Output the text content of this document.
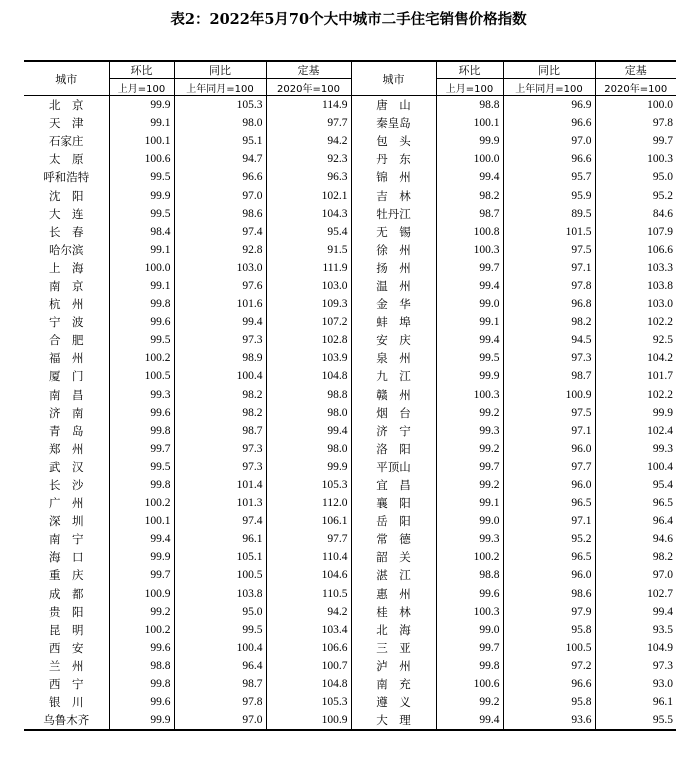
表2：2022年5月70个大中城市二手住宅销售价格指数
城市	环比	同比	定基	城市	环比	同比	定基
	上月=100	上年同月=100	2020年=100		上月=100	上年同月=100	2020年=100
北　京	99.9	105.3	114.9	唐　山	98.8	96.9	100.0
天　津	99.1	98.0	97.7	秦皇岛	100.1	96.6	97.8
石家庄	100.1	95.1	94.2	包　头	99.9	97.0	99.7
太　原	100.6	94.7	92.3	丹　东	100.0	96.6	100.3
呼和浩特	99.5	96.6	96.3	锦　州	99.4	95.7	95.0
沈　阳	99.9	97.0	102.1	吉　林	98.2	95.9	95.2
大　连	99.5	98.6	104.3	牡丹江	98.7	89.5	84.6
长　春	98.4	97.4	95.4	无　锡	100.8	101.5	107.9
哈尔滨	99.1	92.8	91.5	徐　州	100.3	97.5	106.6
上　海	100.0	103.0	111.9	扬　州	99.7	97.1	103.3
南　京	99.1	97.6	103.0	温　州	99.4	97.8	103.8
杭　州	99.8	101.6	109.3	金　华	99.0	96.8	103.0
宁　波	99.6	99.4	107.2	蚌　埠	99.1	98.2	102.2
合　肥	99.5	97.3	102.8	安　庆	99.4	94.5	92.5
福　州	100.2	98.9	103.9	泉　州	99.5	97.3	104.2
厦　门	100.5	100.4	104.8	九　江	99.9	98.7	101.7
南　昌	99.3	98.2	98.8	赣　州	100.3	100.9	102.2
济　南	99.6	98.2	98.0	烟　台	99.2	97.5	99.9
青　岛	99.8	98.7	99.4	济　宁	99.3	97.1	102.4
郑　州	99.7	97.3	98.0	洛　阳	99.2	96.0	99.3
武　汉	99.5	97.3	99.9	平顶山	99.7	97.7	100.4
长　沙	99.8	101.4	105.3	宜　昌	99.2	96.0	95.4
广　州	100.2	101.3	112.0	襄　阳	99.1	96.5	96.5
深　圳	100.1	97.4	106.1	岳　阳	99.0	97.1	96.4
南　宁	99.4	96.1	97.7	常　德	99.3	95.2	94.6
海　口	99.9	105.1	110.4	韶　关	100.2	96.5	98.2
重　庆	99.7	100.5	104.6	湛　江	98.8	96.0	97.0
成　都	100.9	103.8	110.5	惠　州	99.6	98.6	102.7
贵　阳	99.2	95.0	94.2	桂　林	100.3	97.9	99.4
昆　明	100.2	99.5	103.4	北　海	99.0	95.8	93.5
西　安	99.6	100.4	106.6	三　亚	99.7	100.5	104.9
兰　州	98.8	96.4	100.7	泸　州	99.8	97.2	97.3
西　宁	99.8	98.7	104.8	南　充	100.6	96.6	93.0
银　川	99.6	97.8	105.3	遵　义	99.2	95.8	96.1
乌鲁木齐	99.9	97.0	100.9	大　理	99.4	93.6	95.5
